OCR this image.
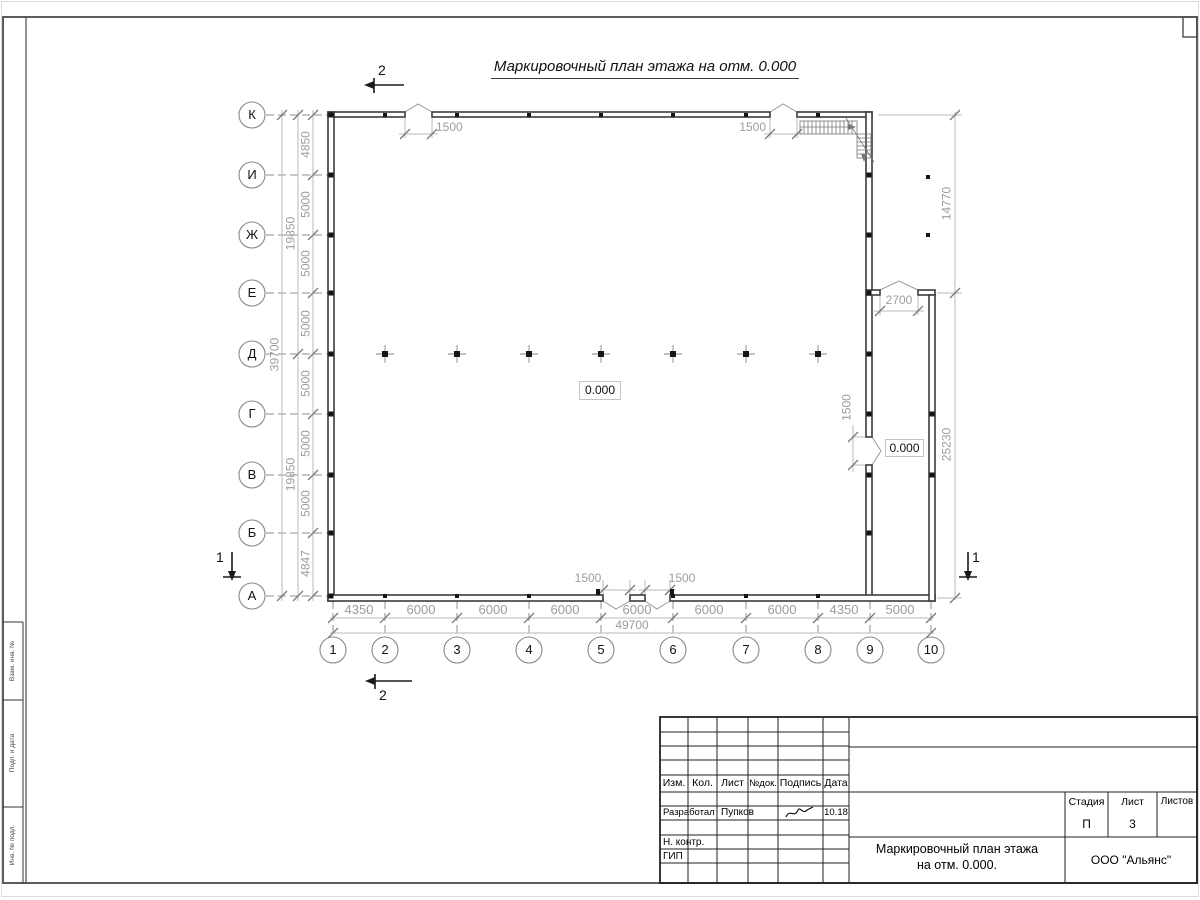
Маркировочный план этажа на отм. 0.000
К
И
Ж
Е
Д
Г
В
Б
А
1	2	3	4	5	6	7	8	9	10
4850
5000
5000
5000
5000
5000
5000
4847
19850
19850
39700
4350	6000	6000	6000	6000	6000	6000	4350	5000
49700
14770
25230
1500	1500
2700
1500
1500	1500
0.000
0.000
2
2
1	1
Изм. Кол. Лист №док. Подпись Дата
Разработал Пупков	10.18
Н. контр.
ГИП
Маркировочный план этажа
на отм. 0.000.
Стадия	Лист	Листов
П	3
ООО "Альянс"
Взам. инв. №
Подп. и дата
Инв. № подл.
